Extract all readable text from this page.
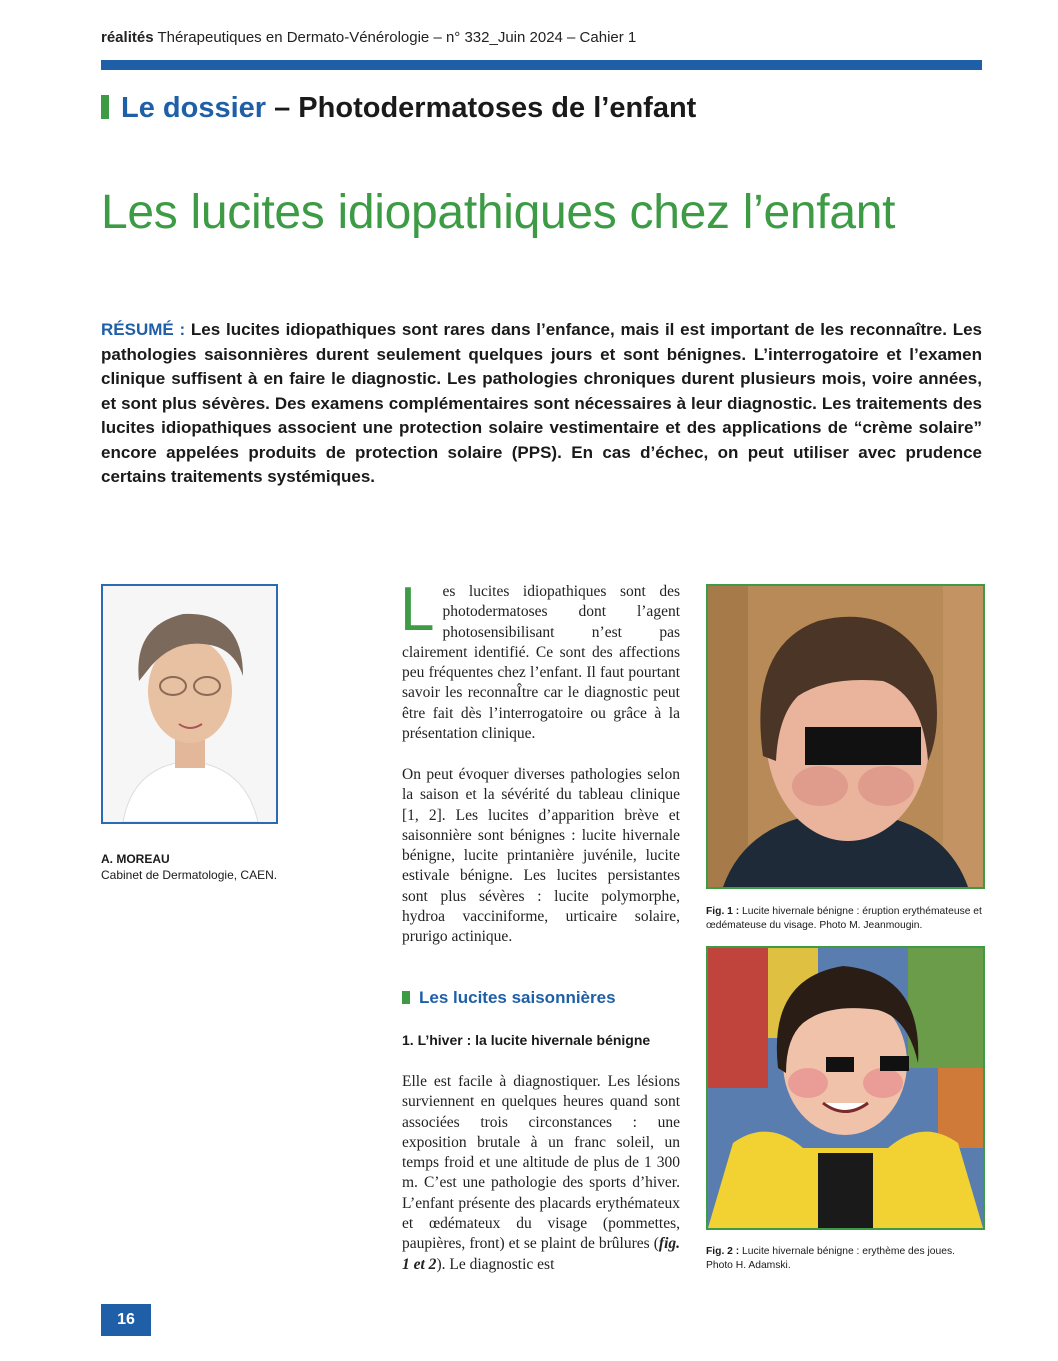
réalités Thérapeutiques en Dermato-Vénérologie – n° 332_Juin 2024 – Cahier 1
Le dossier – Photodermatoses de l’enfant
Les lucites idiopathiques chez l’enfant
RÉSUMÉ : Les lucites idiopathiques sont rares dans l’enfance, mais il est important de les reconnaître. Les pathologies saisonnières durent seulement quelques jours et sont bénignes. L’interrogatoire et l’examen clinique suffisent à en faire le diagnostic. Les pathologies chroniques durent plusieurs mois, voire années, et sont plus sévères. Des examens complémentaires sont nécessaires à leur diagnostic. Les traitements des lucites idiopathiques associent une protection solaire vestimentaire et des applications de “crème solaire” encore appelées produits de protection solaire (PPS). En cas d’échec, on peut utiliser avec prudence certains traitements systémiques.
A. MOREAU
Cabinet de Dermatologie, CAEN.
Les lucites idiopathiques sont des photodermatoses dont l’agent photosensibilisant n’est pas clairement identifié. Ce sont des affections peu fréquentes chez l’enfant. Il faut pourtant savoir les reconnaÎtre car le diagnostic peut être fait dès l’interrogatoire ou grâce à la présentation clinique.
On peut évoquer diverses pathologies selon la saison et la sévérité du tableau clinique [1, 2]. Les lucites d’apparition brève et saisonnière sont bénignes : lucite hivernale bénigne, lucite printanière juvénile, lucite estivale bénigne. Les lucites persistantes sont plus sévères : lucite polymorphe, hydroa vacciniforme, urticaire solaire, prurigo actinique.
Les lucites saisonnières
1. L’hiver : la lucite hivernale bénigne
Elle est facile à diagnostiquer. Les lésions surviennent en quelques heures quand sont associées trois circonstances : une exposition brutale à un franc soleil, un temps froid et une altitude de plus de 1 300 m. C’est une pathologie des sports d’hiver. L’enfant présente des placards erythémateux et œdémateux du visage (pommettes, paupières, front) et se plaint de brûlures (fig. 1 et 2). Le diagnostic est
Fig. 1 : Lucite hivernale bénigne : éruption erythémateuse et œdémateuse du visage. Photo M. Jeanmougin.
Fig. 2 : Lucite hivernale bénigne : erythème des joues. Photo H. Adamski.
16
